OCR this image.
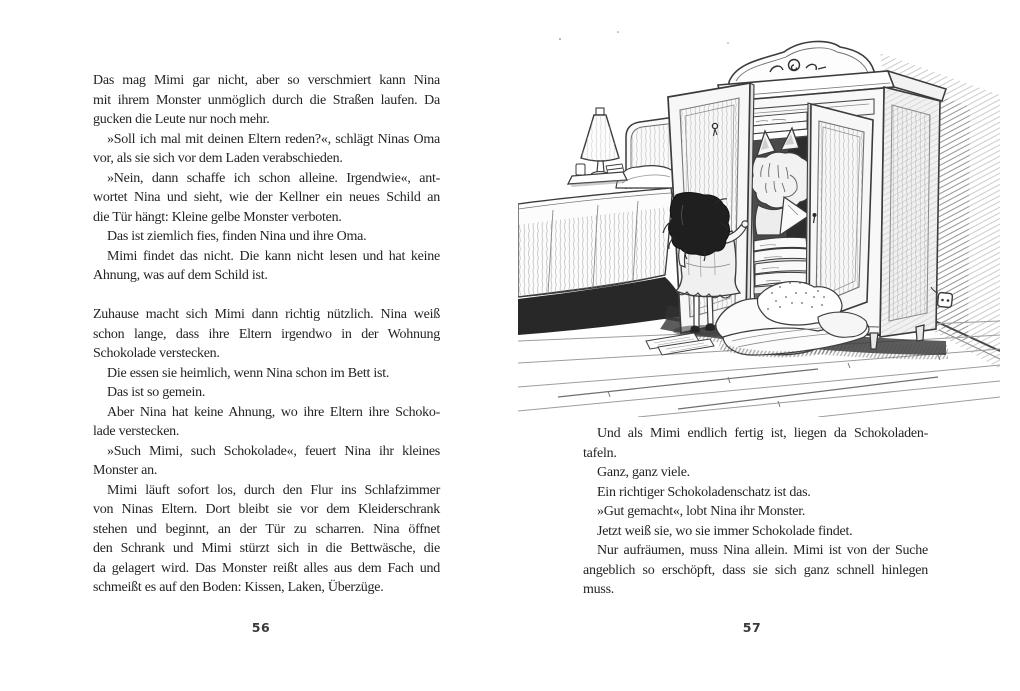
Das mag Mimi gar nicht, aber so verschmiert kann Nina
mit ihrem Monster unmöglich durch die Straßen laufen. Da
gucken die Leute nur noch mehr.
»Soll ich mal mit deinen Eltern reden?«, schlägt Ninas Oma
vor, als sie sich vor dem Laden verabschieden.
»Nein, dann schaffe ich schon alleine. Irgendwie«, ant-
wortet Nina und sieht, wie der Kellner ein neues Schild an
die Tür hängt: Kleine gelbe Monster verboten.
Das ist ziemlich fies, finden Nina und ihre Oma.
Mimi findet das nicht. Die kann nicht lesen und hat keine
Ahnung, was auf dem Schild ist.
Zuhause macht sich Mimi dann richtig nützlich. Nina weiß
schon lange, dass ihre Eltern irgendwo in der Wohnung
Schokolade verstecken.
Die essen sie heimlich, wenn Nina schon im Bett ist.
Das ist so gemein.
Aber Nina hat keine Ahnung, wo ihre Eltern ihre Schoko-
lade verstecken.
»Such Mimi, such Schokolade«, feuert Nina ihr kleines
Monster an.
Mimi läuft sofort los, durch den Flur ins Schlafzimmer
von Ninas Eltern. Dort bleibt sie vor dem Kleiderschrank
stehen und beginnt, an der Tür zu scharren. Nina öffnet
den Schrank und Mimi stürzt sich in die Bettwäsche, die
da gelagert wird. Das Monster reißt alles aus dem Fach und
schmeißt es auf den Boden: Kissen, Laken, Überzüge.
56
Und als Mimi endlich fertig ist, liegen da Schokoladen-
tafeln.
Ganz, ganz viele.
Ein richtiger Schokoladenschatz ist das.
»Gut gemacht«, lobt Nina ihr Monster.
Jetzt weiß sie, wo sie immer Schokolade findet.
Nur aufräumen, muss Nina allein. Mimi ist von der Suche
angeblich so erschöpft, dass sie sich ganz schnell hinlegen
muss.
57
